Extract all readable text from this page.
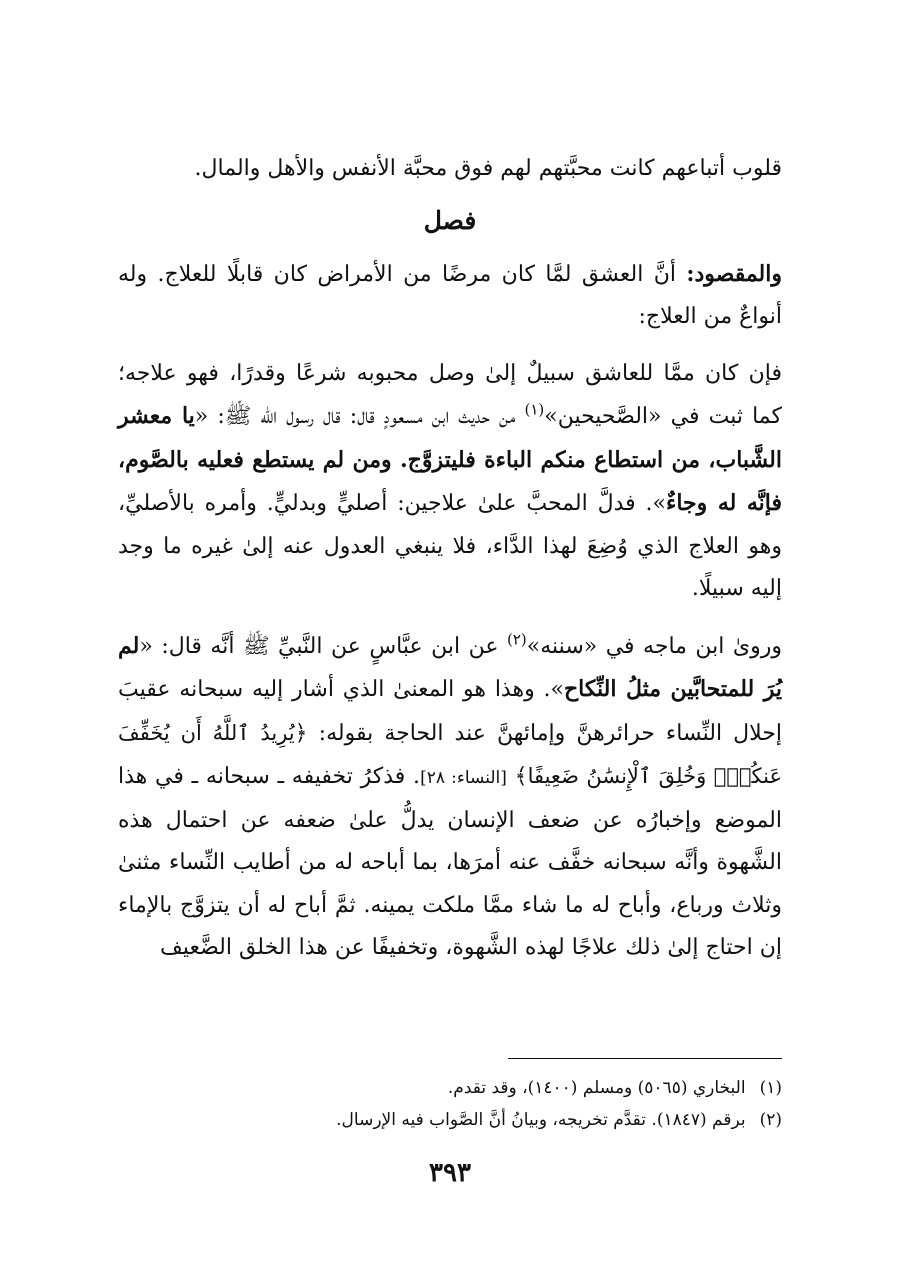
قلوب أتباعهم كانت محبَّتهم لهم فوق محبَّة الأنفس والأهل والمال.

فصل

والمقصود: أنَّ العشق لمَّا كان مرضًا من الأمراض كان قابلًا للعلاج. وله أنواعٌ من العلاج:

فإن كان ممَّا للعاشق سبيلٌ إلىٰ وصل محبوبه شرعًا وقدرًا، فهو علاجه؛ كما ثبت في «الصَّحيحين»$^{(١)}$ من حديث ابن مسعودٍ قال: قال رسول الله ﷺ: «يا معشر الشَّباب، من استطاع منكم الباءة فليتزوَّج. ومن لم يستطع فعليه بالصَّوم، فإنَّه له وجاءٌ». فدلَّ المحبَّ علىٰ علاجين: أصليٍّ وبدليٍّ. وأمره بالأصليِّ، وهو العلاج الذي وُضِعَ لهذا الدَّاء، فلا ينبغي العدول عنه إلىٰ غيره ما وجد إليه سبيلًا.

وروىٰ ابن ماجه في «سننه»$^{(٢)}$ عن ابن عبَّاسٍ عن النَّبيِّ ﷺ أنَّه قال: «لم يُرَ للمتحابَّين مثلُ النِّكاح». وهذا هو المعنىٰ الذي أشار إليه سبحانه عقيبَ إحلال النِّساء حرائرهنَّ وإمائهنَّ عند الحاجة بقوله: ﴿يُرِيدُ ٱللَّهُ أَن يُخَفِّفَ عَنكُمْۚ وَخُلِقَ ٱلْإِنسَٰنُ ضَعِيفًا﴾ [النساء: ٢٨]. فذكرُ تخفيفه ـ سبحانه ـ في هذا الموضع وإخبارُه عن ضعف الإنسان يدلُّ علىٰ ضعفه عن احتمال هذه الشَّهوة وأنَّه سبحانه خفَّف عنه أمرَها، بما أباحه له من أطايب النِّساء مثنىٰ وثلاث ورباع، وأباح له ما شاء ممَّا ملكت يمينه. ثمَّ أباح له أن يتزوَّج بالإماء إن احتاج إلىٰ ذلك علاجًا لهذه الشَّهوة، وتخفيفًا عن هذا الخلق الضَّعيف

(١)البخاري (٥٠٦٥) ومسلم (١٤٠٠)، وقد تقدم.

(٢)برقم (١٨٤٧). تقدَّم تخريجه، وبيانُ أنَّ الصَّواب فيه الإرسال.

٣٩٣
